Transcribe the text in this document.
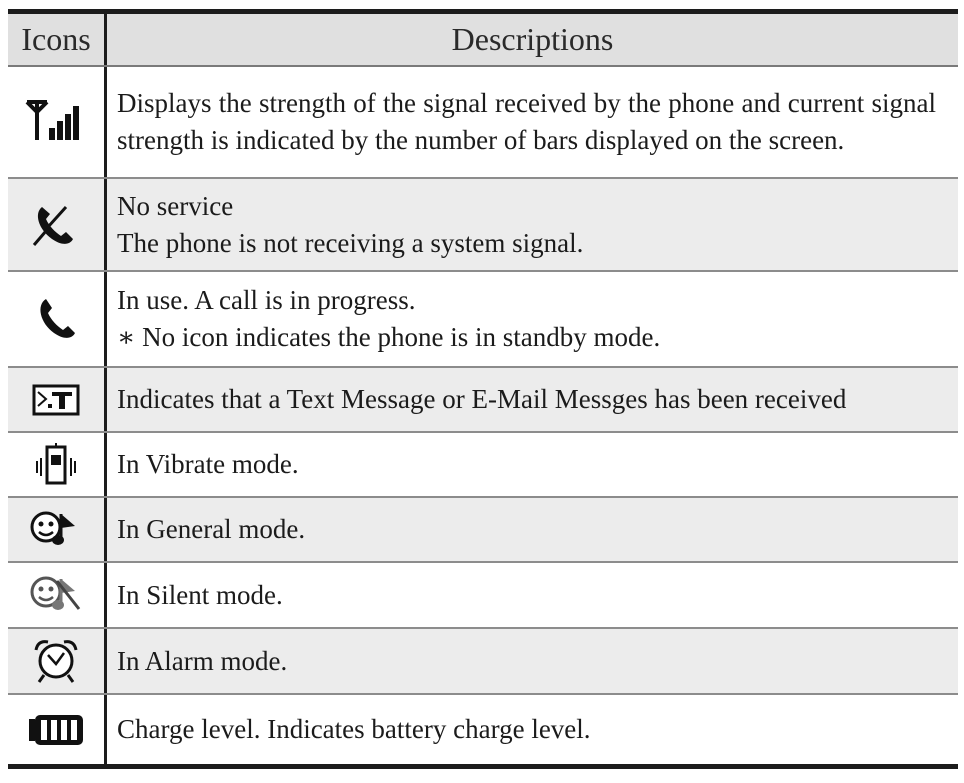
Icons	Descriptions
Displays the strength of the signal received by the phone and current signal strength is indicated by the number of bars displayed on the screen.
No service
The phone is not receiving a system signal.
In use. A call is in progress.
∗ No icon indicates the phone is in standby mode.
Indicates that a Text Message or E-Mail Messges has been received
In Vibrate mode.
In General mode.
In Silent mode.
In Alarm mode.
Charge level. Indicates battery charge level.
